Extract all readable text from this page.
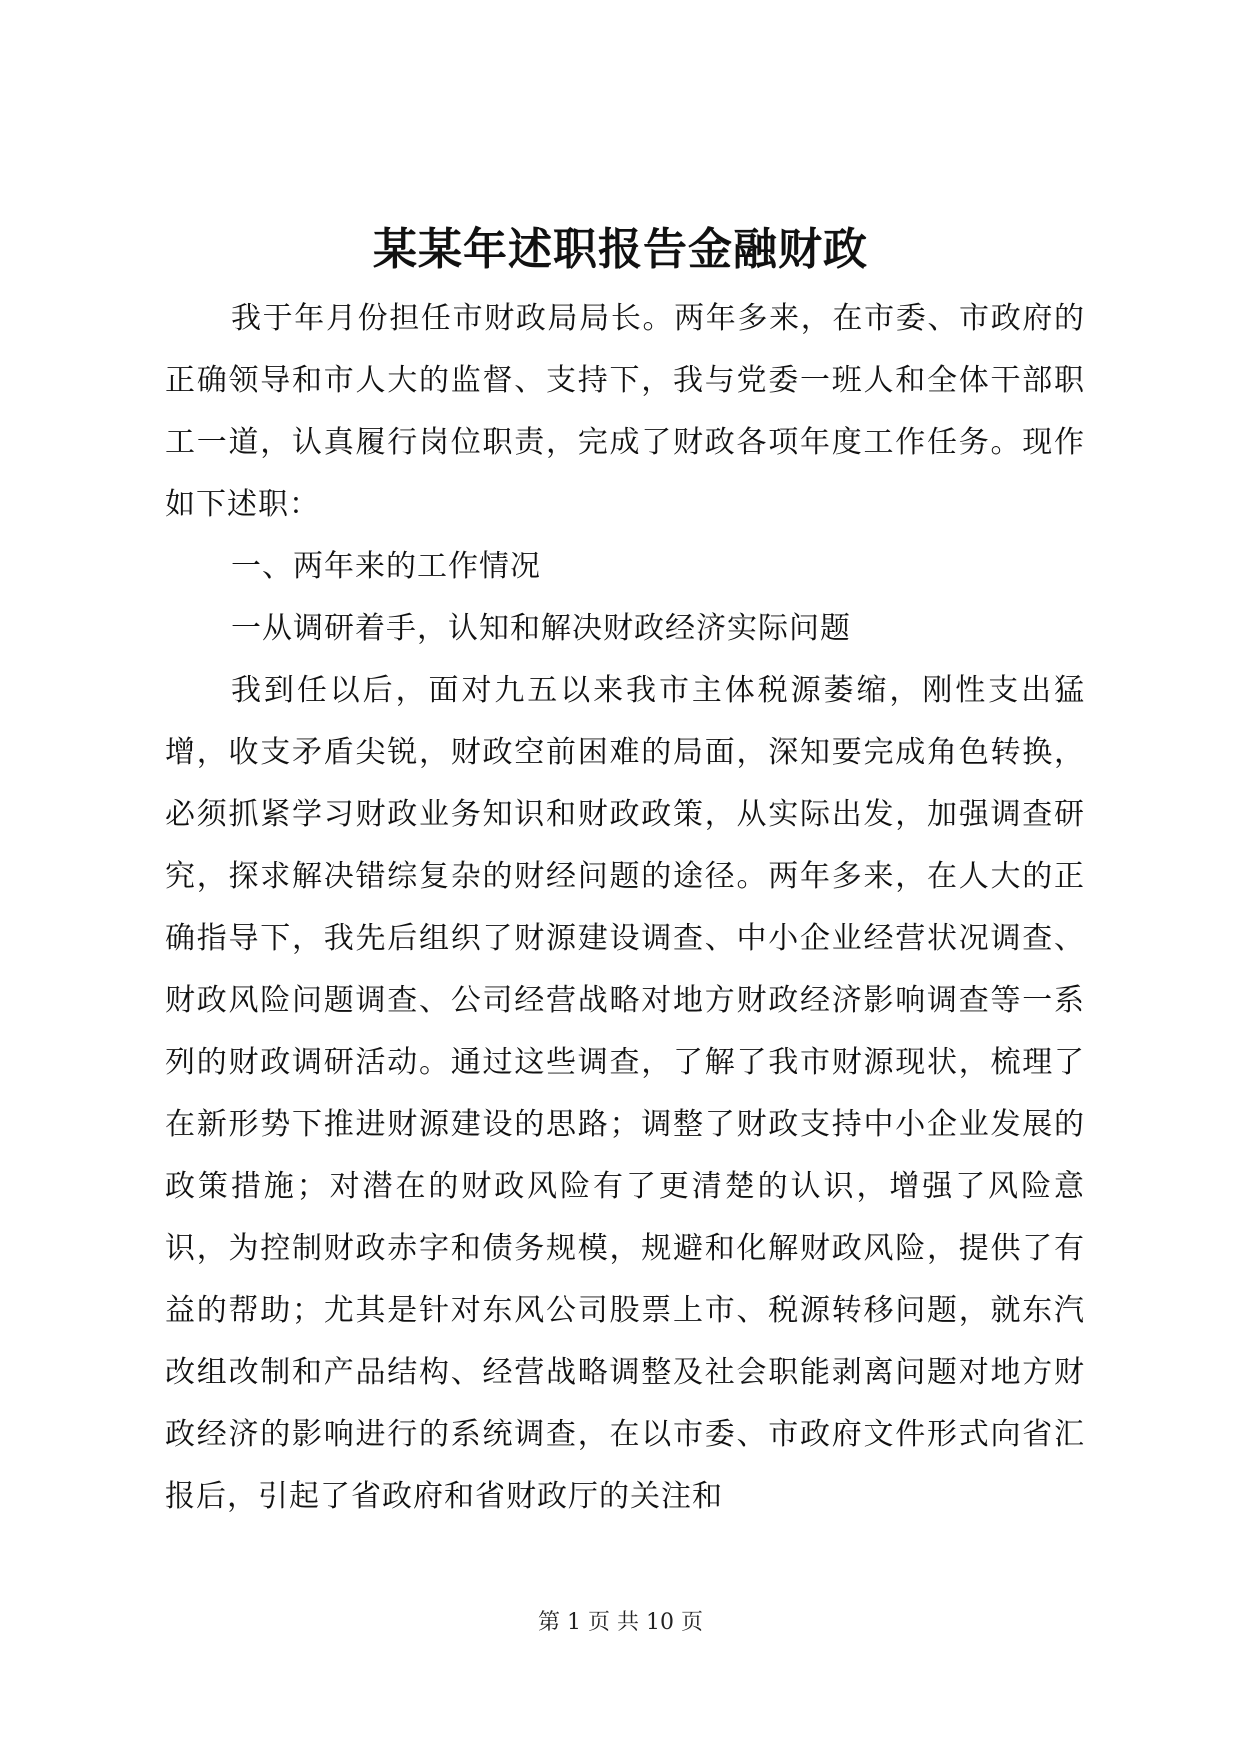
某某年述职报告金融财政

我于年月份担任市财政局局长。两年多来，在市委、市政府的正确领导和市人大的监督、支持下，我与党委一班人和全体干部职工一道，认真履行岗位职责，完成了财政各项年度工作任务。现作如下述职：

一、两年来的工作情况

一从调研着手，认知和解决财政经济实际问题

我到任以后，面对九五以来我市主体税源萎缩，刚性支出猛增，收支矛盾尖锐，财政空前困难的局面，深知要完成角色转换，必须抓紧学习财政业务知识和财政政策，从实际出发，加强调查研究，探求解决错综复杂的财经问题的途径。两年多来，在人大的正确指导下，我先后组织了财源建设调查、中小企业经营状况调查、财政风险问题调查、公司经营战略对地方财政经济影响调查等一系列的财政调研活动。通过这些调查，了解了我市财源现状，梳理了在新形势下推进财源建设的思路；调整了财政支持中小企业发展的政策措施；对潜在的财政风险有了更清楚的认识，增强了风险意识，为控制财政赤字和债务规模，规避和化解财政风险，提供了有益的帮助；尤其是针对东风公司股票上市、税源转移问题，就东汽改组改制和产品结构、经营战略调整及社会职能剥离问题对地方财政经济的影响进行的系统调查，在以市委、市政府文件形式向省汇报后，引起了省政府和省财政厅的关注和

第 1 页 共 10 页
